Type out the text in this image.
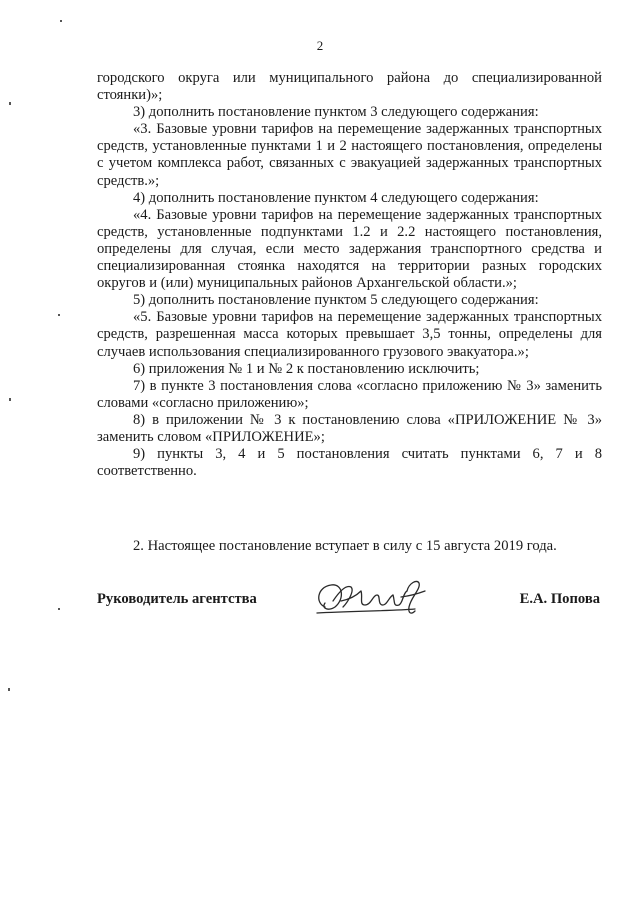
2

городского округа или муниципального района до специализированной стоянки)»;

3) дополнить постановление пунктом 3 следующего содержания:

«3. Базовые уровни тарифов на перемещение задержанных транспортных средств, установленные пунктами 1 и 2 настоящего постановления, определены с учетом комплекса работ, связанных с эвакуацией задержанных транспортных средств.»;

4) дополнить постановление пунктом 4 следующего содержания:

«4. Базовые уровни тарифов на перемещение задержанных транспортных средств, установленные подпунктами 1.2 и 2.2 настоящего постановления, определены для случая, если место задержания транспортного средства и специализированная стоянка находятся на территории разных городских округов и (или) муниципальных районов Архангельской области.»;

5) дополнить постановление пунктом 5 следующего содержания:

«5. Базовые уровни тарифов на перемещение задержанных транспортных средств, разрешенная масса которых превышает 3,5 тонны, определены для случаев использования специализированного грузового эвакуатора.»;

6) приложения № 1 и № 2 к постановлению исключить;

7) в пункте 3 постановления слова «согласно приложению № 3» заменить словами «согласно приложению»;

8) в приложении № 3 к постановлению слова «ПРИЛОЖЕНИЕ № 3» заменить словом «ПРИЛОЖЕНИЕ»;

9) пункты 3, 4 и 5 постановления считать пунктами 6, 7 и 8 соответственно.

2. Настоящее постановление вступает в силу с 15 августа 2019 года.
Руководитель агентства	Е.А. Попова
